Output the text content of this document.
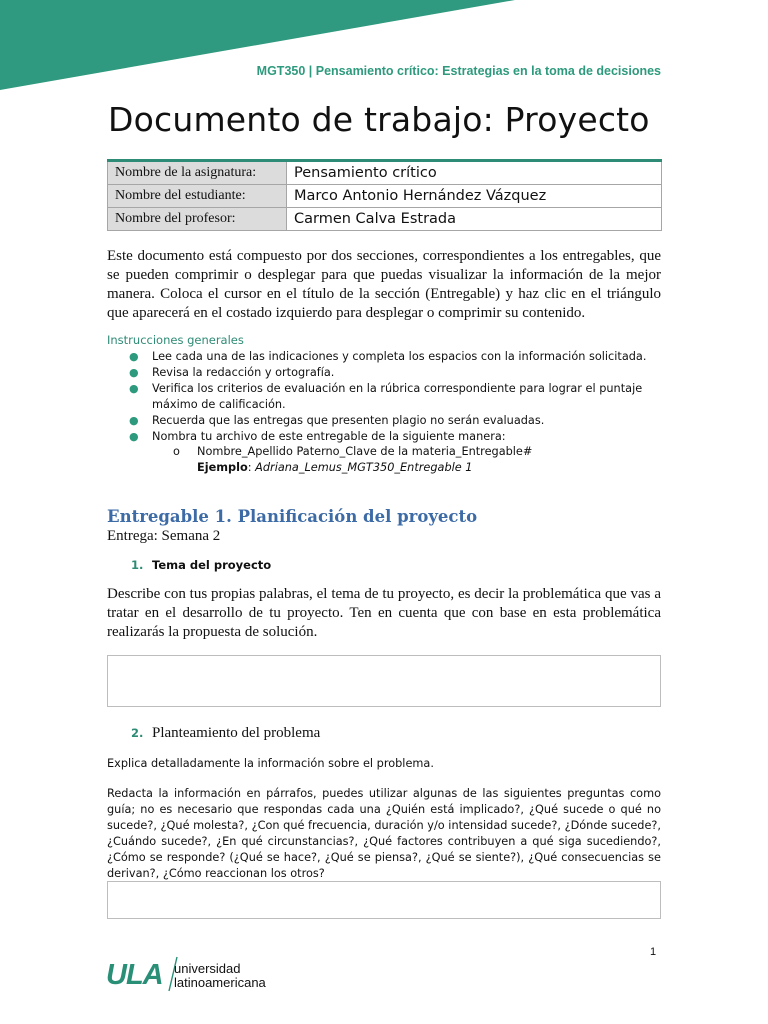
MGT350 | Pensamiento crítico: Estrategias en la toma de decisiones
Documento de trabajo: Proyecto
Nombre de la asignatura:	Pensamiento crítico
Nombre del estudiante:	Marco Antonio Hernández Vázquez
Nombre del profesor:	Carmen Calva Estrada

Este documento está compuesto por dos secciones, correspondientes a los entregables, que se pueden comprimir o desplegar para que puedas visualizar la información de la mejor manera. Coloca el cursor en el título de la sección (Entregable) y haz clic en el triángulo que aparecerá en el costado izquierdo para desplegar o comprimir su contenido.

Instrucciones generales
● Lee cada una de las indicaciones y completa los espacios con la información solicitada.
● Revisa la redacción y ortografía.
● Verifica los criterios de evaluación en la rúbrica correspondiente para lograr el puntaje máximo de calificación.
● Recuerda que las entregas que presenten plagio no serán evaluadas.
● Nombra tu archivo de este entregable de la siguiente manera:
o Nombre_Apellido Paterno_Clave de la materia_Entregable#
Ejemplo: Adriana_Lemus_MGT350_Entregable 1
Entregable 1. Planificación del proyecto
Entrega: Semana 2
1. Tema del proyecto

Describe con tus propias palabras, el tema de tu proyecto, es decir la problemática que vas a tratar en el desarrollo de tu proyecto. Ten en cuenta que con base en esta problemática realizarás la propuesta de solución.

2. Planteamiento del problema

Explica detalladamente la información sobre el problema.

Redacta la información en párrafos, puedes utilizar algunas de las siguientes preguntas como guía; no es necesario que respondas cada una ¿Quién está implicado?, ¿Qué sucede o qué no sucede?, ¿Qué molesta?, ¿Con qué frecuencia, duración y/o intensidad sucede?, ¿Dónde sucede?, ¿Cuándo sucede?, ¿En qué circunstancias?, ¿Qué factores contribuyen a qué siga sucediendo?, ¿Cómo se responde? (¿Qué se hace?, ¿Qué se piensa?, ¿Qué se siente?), ¿Qué consecuencias se derivan?, ¿Cómo reaccionan los otros?

1
ULA universidad
latinoamericana
